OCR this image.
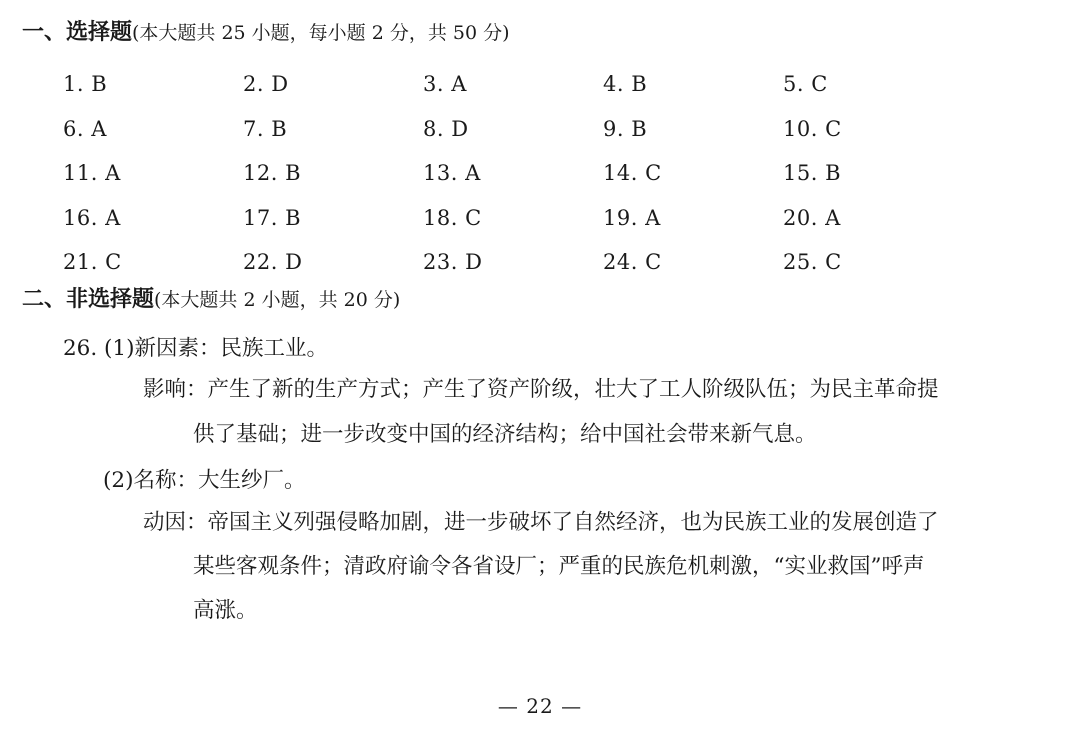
一、选择题(本大题共 25 小题，每小题 2 分，共 50 分)
1. B	2. D	3. A	4. B	5. C
6. A	7. B	8. D	9. B	10. C
11. A	12. B	13. A	14. C	15. B
16. A	17. B	18. C	19. A	20. A
21. C	22. D	23. D	24. C	25. C
二、非选择题(本大题共 2 小题，共 20 分)
26. (1)新因素：民族工业。
影响：产生了新的生产方式；产生了资产阶级，壮大了工人阶级队伍；为民主革命提
供了基础；进一步改变中国的经济结构；给中国社会带来新气息。
(2)名称：大生纱厂。
动因：帝国主义列强侵略加剧，进一步破坏了自然经济，也为民族工业的发展创造了
某些客观条件；清政府谕令各省设厂；严重的民族危机刺激，“实业救国”呼声
高涨。
— 22 —
